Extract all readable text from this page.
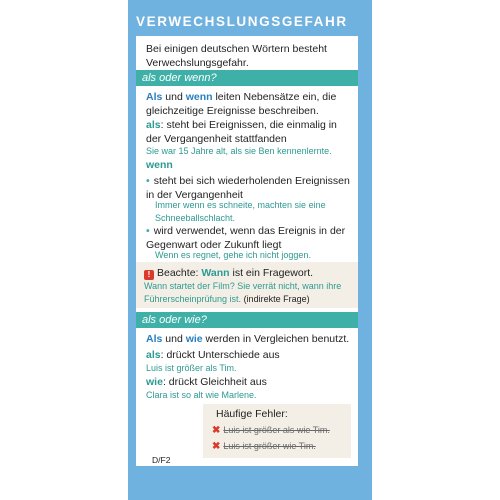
VERWECHSLUNGSGEFAHR
Bei einigen deutschen Wörtern besteht Verwechslungsgefahr.
als oder wenn?
Als und wenn leiten Nebensätze ein, die gleichzeitige Ereignisse beschreiben.
als: steht bei Ereignissen, die einmalig in der Vergangenheit stattfanden
Sie war 15 Jahre alt, als sie Ben kennenlernte.
wenn
• steht bei sich wiederholenden Ereignissen in der Vergangenheit
Immer wenn es schneite, machten sie eine Schneeballschlacht.
• wird verwendet, wenn das Ereignis in der Gegenwart oder Zukunft liegt
Wenn es regnet, gehe ich nicht joggen.
! Beachte: Wann ist ein Fragewort.
Wann startet der Film? Sie verrät nicht, wann ihre Führerscheinprüfung ist. (indirekte Frage)
als oder wie?
Als und wie werden in Vergleichen benutzt.
als: drückt Unterschiede aus
Luis ist größer als Tim.
wie: drückt Gleichheit aus
Clara ist so alt wie Marlene.
Häufige Fehler:
✖ Luis ist größer als wie Tim.
✖ Luis ist größer wie Tim.
D/F2
